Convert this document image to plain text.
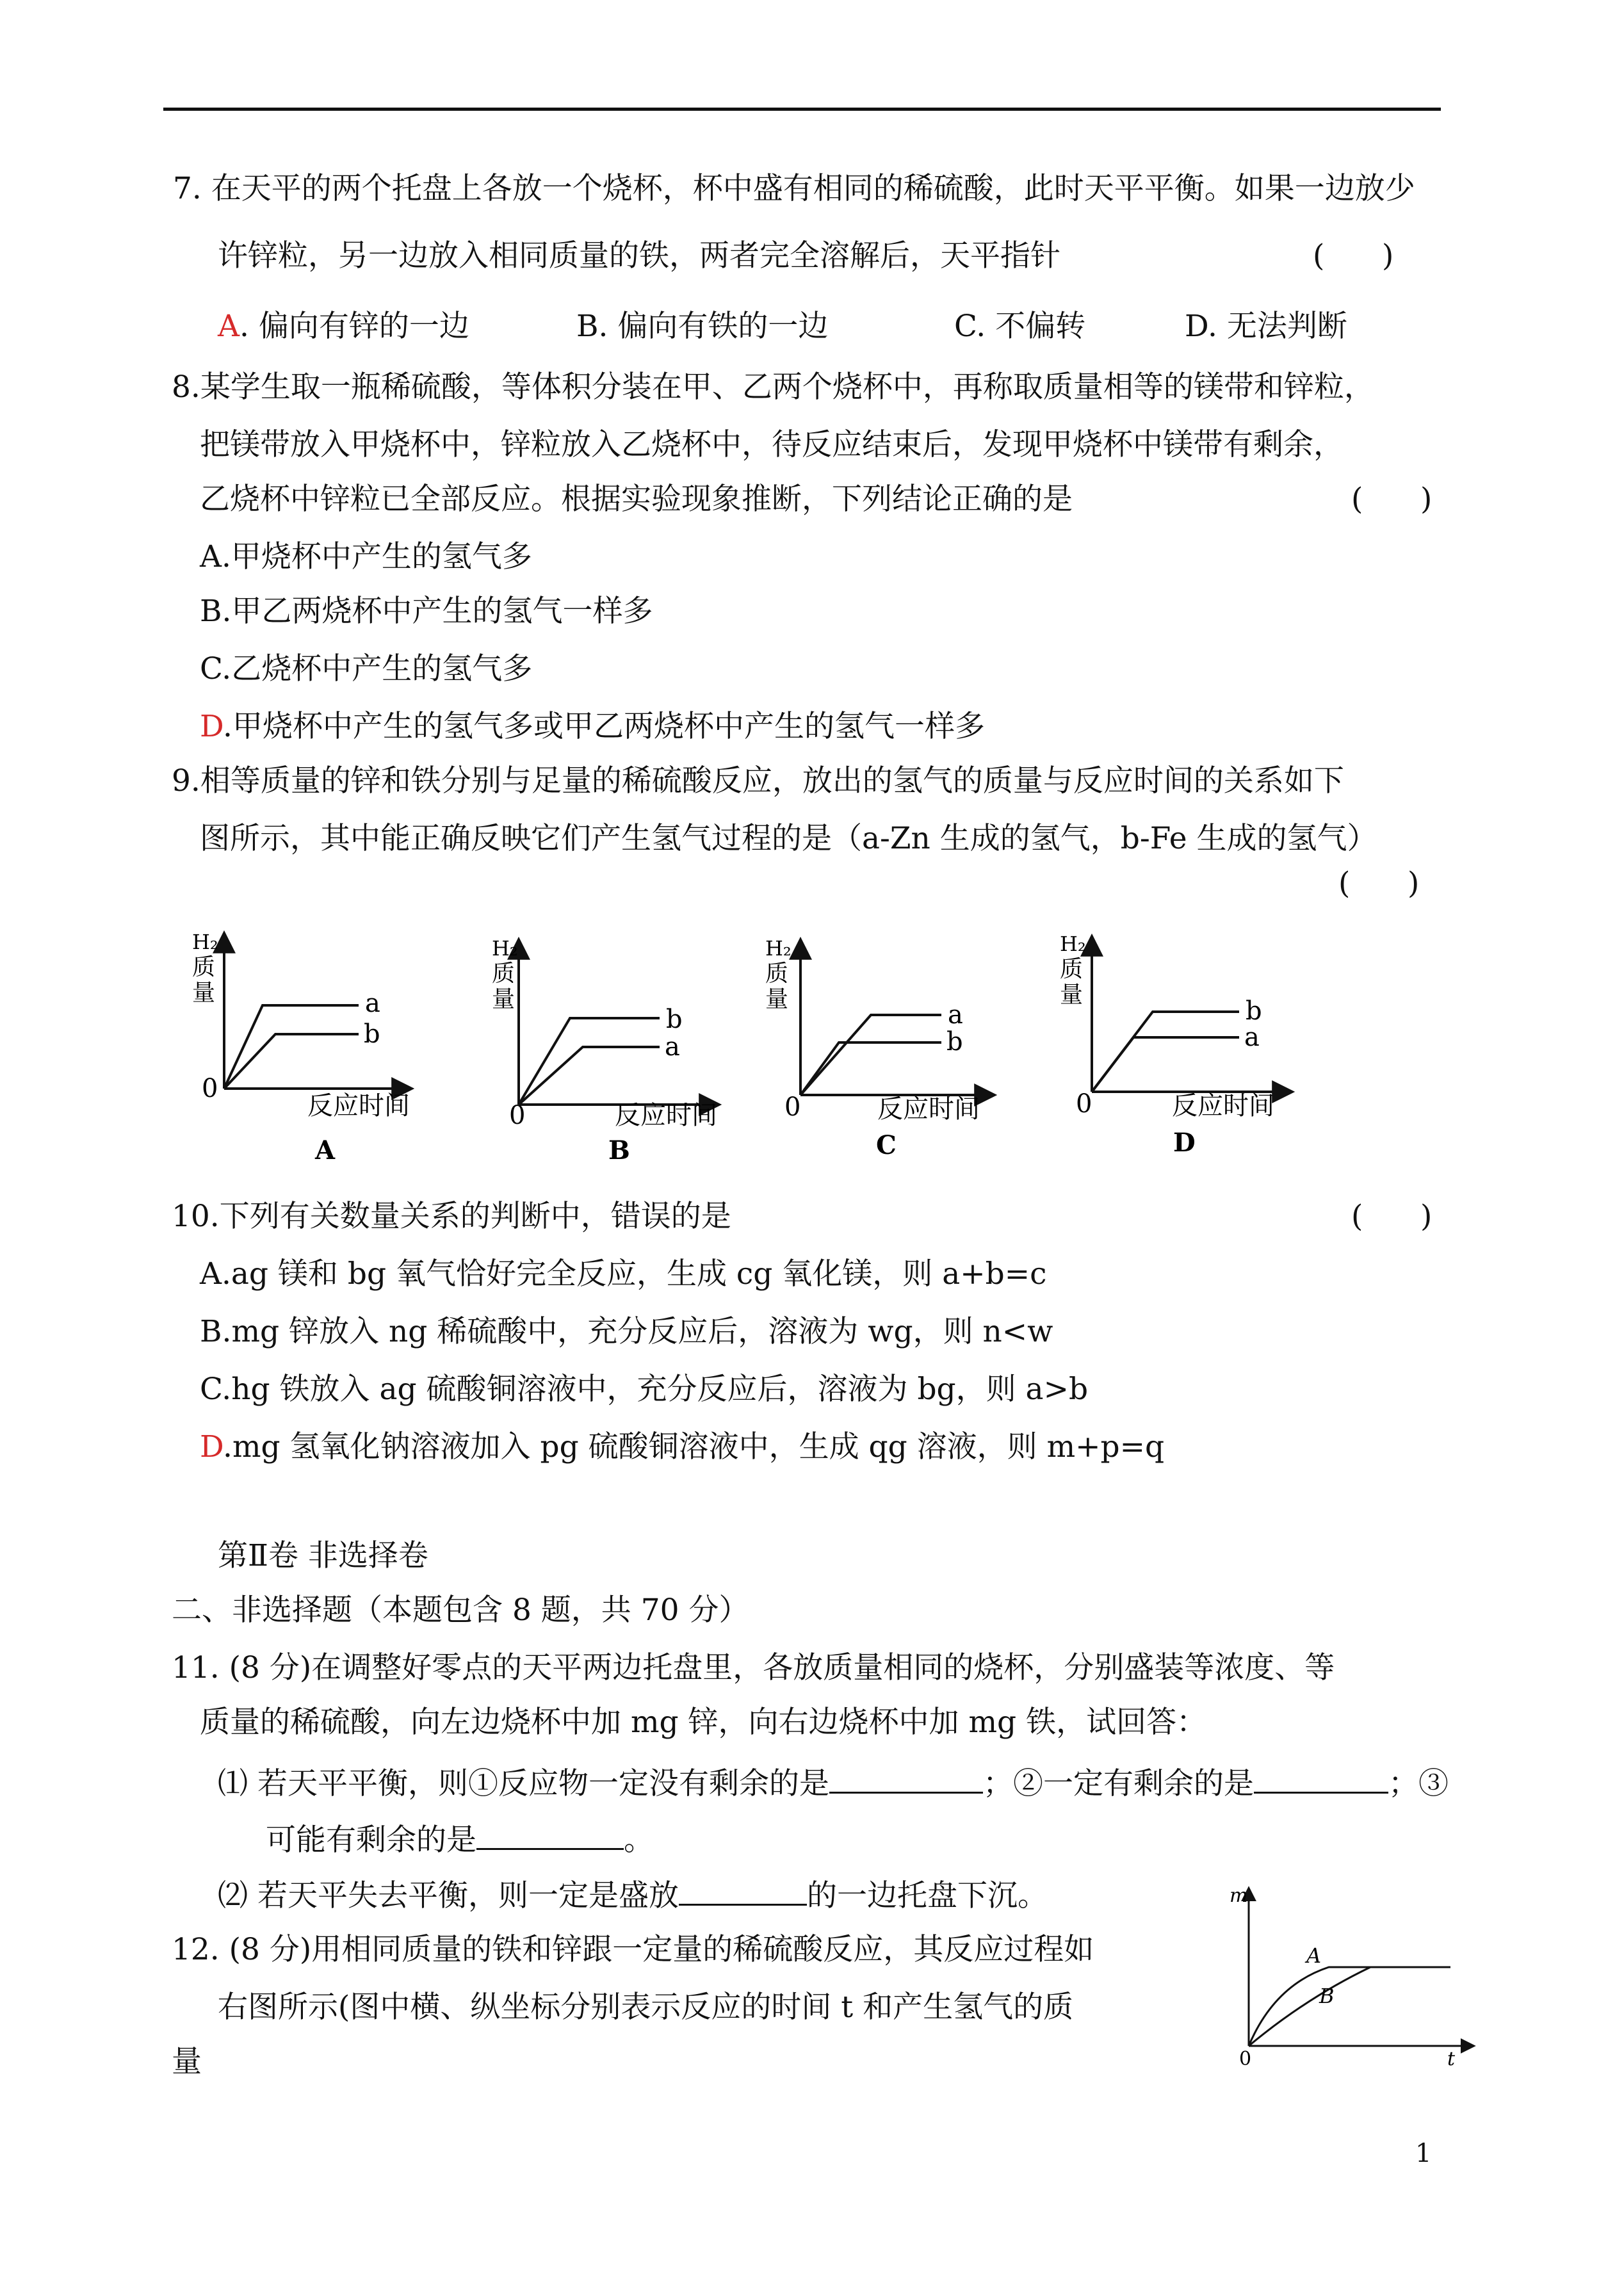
7. 在天平的两个托盘上各放一个烧杯，杯中盛有相同的稀硫酸，此时天平平衡。如果一边放少
许锌粒，另一边放入相同质量的铁，两者完全溶解后，天平指针	(      )
A. 偏向有锌的一边	B. 偏向有铁的一边	C. 不偏转	D. 无法判断
8.某学生取一瓶稀硫酸，等体积分装在甲、乙两个烧杯中，再称取质量相等的镁带和锌粒，
把镁带放入甲烧杯中，锌粒放入乙烧杯中，待反应结束后，发现甲烧杯中镁带有剩余，
乙烧杯中锌粒已全部反应。根据实验现象推断，下列结论正确的是	(      )
A.甲烧杯中产生的氢气多
B.甲乙两烧杯中产生的氢气一样多
C.乙烧杯中产生的氢气多
D.甲烧杯中产生的氢气多或甲乙两烧杯中产生的氢气一样多
9.相等质量的锌和铁分别与足量的稀硫酸反应，放出的氢气的质量与反应时间的关系如下
图所示，其中能正确反映它们产生氢气过程的是（a-Zn 生成的氢气，b-Fe 生成的氢气）
(      )
H₂
质
量
0
反应时间
a
b
A
H₂
质
量
0	反应时间
b
a
B
H₂
质
量
0	反应时间
a
b
C
H₂
质
量
0	反应时间
b
a
D
10.下列有关数量关系的判断中，错误的是	(      )
A.ag 镁和 bg 氧气恰好完全反应，生成 cg 氧化镁，则 a+b=c
B.mg 锌放入 ng 稀硫酸中，充分反应后，溶液为 wg，则 n<w
C.hg 铁放入 ag 硫酸铜溶液中，充分反应后，溶液为 bg，则 a>b
D.mg 氢氧化钠溶液加入 pg 硫酸铜溶液中，生成 qg 溶液，则 m+p=q
第Ⅱ卷 非选择卷
二、非选择题（本题包含 8 题，共 70 分）
11. (8 分)在调整好零点的天平两边托盘里，各放质量相同的烧杯，分别盛装等浓度、等
质量的稀硫酸，向左边烧杯中加 mg 锌，向右边烧杯中加 mg 铁，试回答：
⑴ 若天平平衡，则①反应物一定没有剩余的是	；②一定有剩余的是	；③
可能有剩余的是	。
⑵ 若天平失去平衡，则一定是盛放	的一边托盘下沉。
12. (8 分)用相同质量的铁和锌跟一定量的稀硫酸反应，其反应过程如
右图所示(图中横、纵坐标分别表示反应的时间 t 和产生氢气的质
量
m
0	t
A
B
1
